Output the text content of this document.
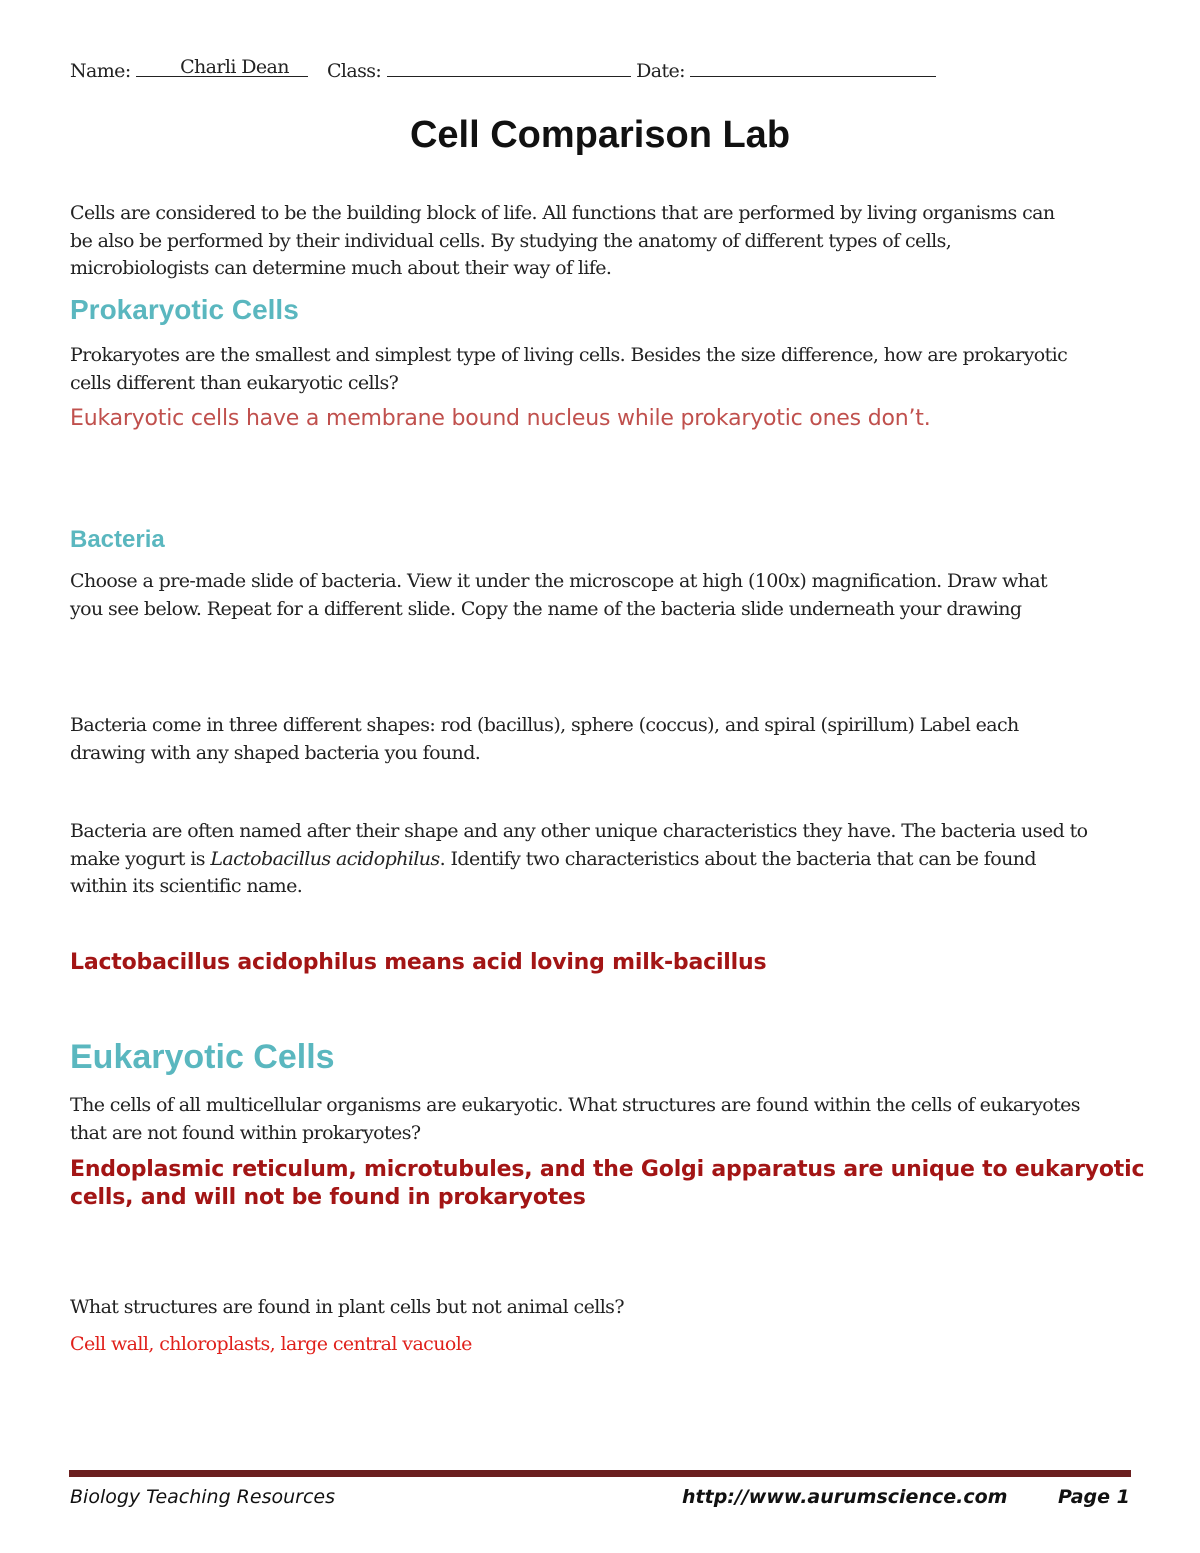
Name:	Charli Dean Class:	Date:
Cell Comparison Lab
Cells are considered to be the building block of life. All functions that are performed by living organisms can
be also be performed by their individual cells. By studying the anatomy of different types of cells,
microbiologists can determine much about their way of life.
Prokaryotic Cells
Prokaryotes are the smallest and simplest type of living cells. Besides the size difference, how are prokaryotic
cells different than eukaryotic cells?
Eukaryotic cells have a membrane bound nucleus while prokaryotic ones don’t.
Bacteria
Choose a pre-made slide of bacteria. View it under the microscope at high (100x) magnification. Draw what
you see below. Repeat for a different slide. Copy the name of the bacteria slide underneath your drawing
Bacteria come in three different shapes: rod (bacillus), sphere (coccus), and spiral (spirillum) Label each
drawing with any shaped bacteria you found.
Bacteria are often named after their shape and any other unique characteristics they have. The bacteria used to
make yogurt is Lactobacillus acidophilus. Identify two characteristics about the bacteria that can be found
within its scientific name.
Lactobacillus acidophilus means acid loving milk-bacillus
Eukaryotic Cells
The cells of all multicellular organisms are eukaryotic. What structures are found within the cells of eukaryotes
that are not found within prokaryotes?
Endoplasmic reticulum, microtubules, and the Golgi apparatus are unique to eukaryotic
cells, and will not be found in prokaryotes
What structures are found in plant cells but not animal cells?
Cell wall, chloroplasts, large central vacuole
Biology Teaching Resources	http://www.aurumscience.com	Page 1
